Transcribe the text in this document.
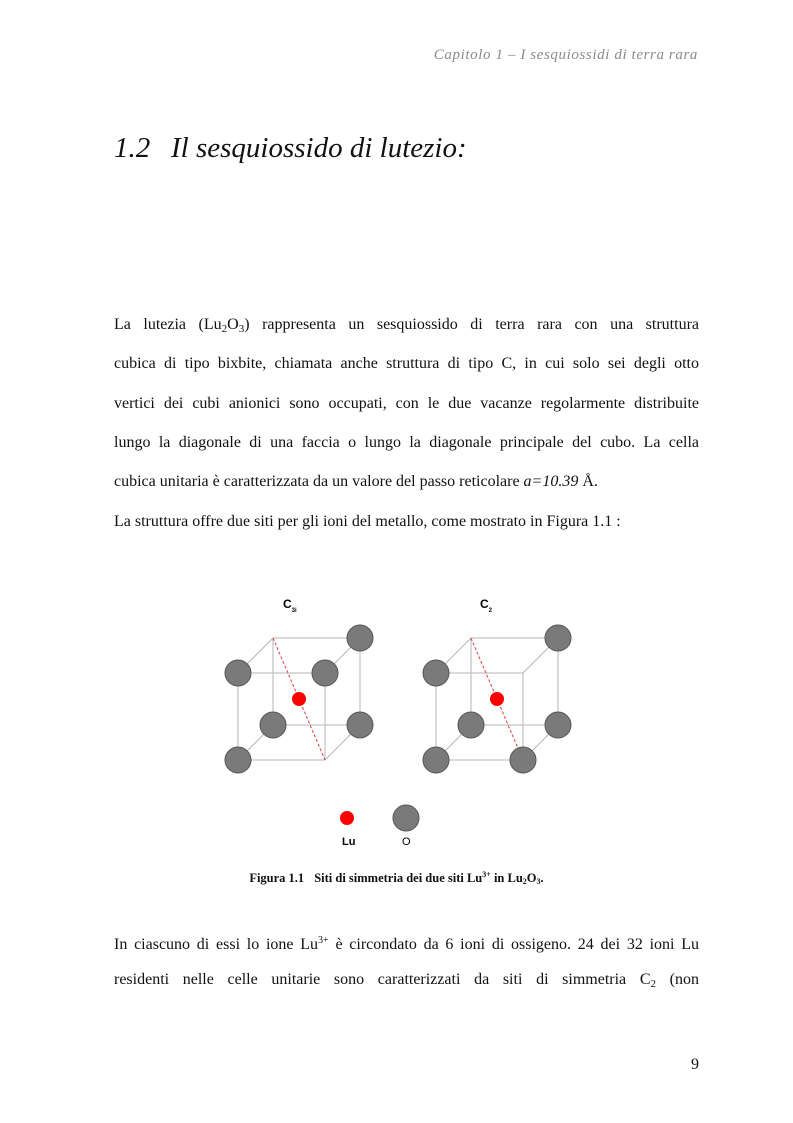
Capitolo 1 – I sesquiossidi di terra rara
1.2 Il sesquiossido di lutezio:
La lutezia $(Lu_2O_3)$ rappresenta un sesquiossido di terra rara con una struttura
cubica di tipo bixbite, chiamata anche struttura di tipo C, in cui solo sei degli otto
vertici dei cubi anionici sono occupati, con le due vacanze regolarmente distribuite
lungo la diagonale di una faccia o lungo la diagonale principale del cubo. La cella
cubica unitaria è caratterizzata da un valore del passo reticolare a=10.39 Å.
La struttura offre due siti per gli ioni del metallo, come mostrato in Figura 1.1 :
$C_{3i}$	$C_2$
Lu	O
Figura 1.1 Siti di simmetria dei due siti $Lu^{3+}$ in Lu2O3.
In ciascuno di essi lo ione $Lu^{3+}$ è circondato da 6 ioni di ossigeno. 24 dei 32 ioni Lu
residenti nelle celle unitarie sono caratterizzati da siti di simmetria $C_2$ (non
9
